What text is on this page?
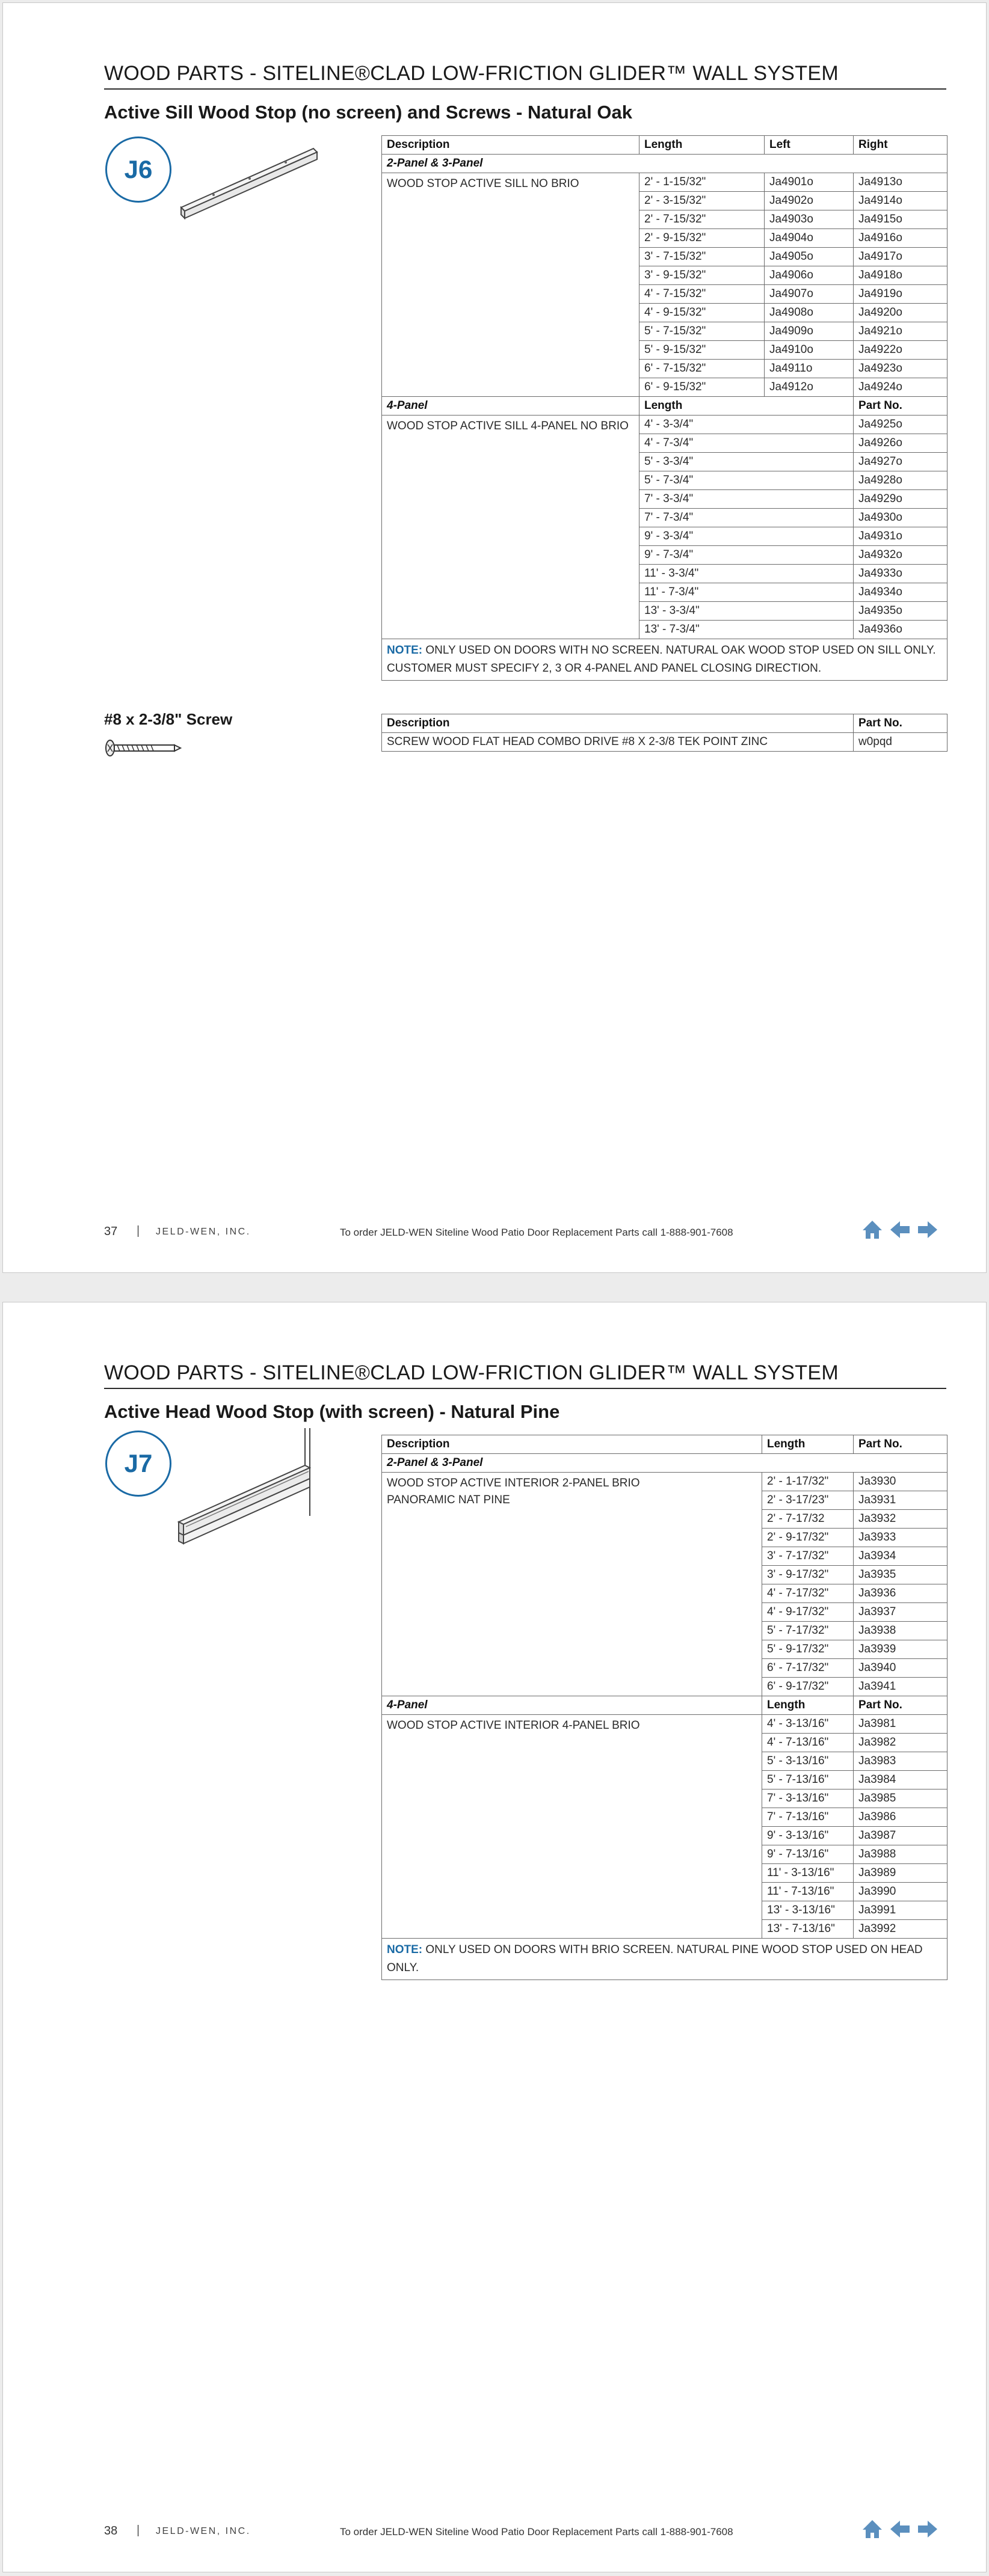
WOOD PARTS - SITELINE®CLAD LOW-FRICTION GLIDER™ WALL SYSTEM
Active Sill Wood Stop (no screen) and Screws - Natural Oak
J6
Description	Length	Left	Right
2-Panel & 3-Panel			
WOOD STOP ACTIVE SILL NO BRIO	2' - 1-15/32"	Ja4901o	Ja4913o
	2' - 3-15/32"	Ja4902o	Ja4914o
	2' - 7-15/32"	Ja4903o	Ja4915o
	2' - 9-15/32"	Ja4904o	Ja4916o
	3' - 7-15/32"	Ja4905o	Ja4917o
	3' - 9-15/32"	Ja4906o	Ja4918o
	4' - 7-15/32"	Ja4907o	Ja4919o
	4' - 9-15/32"	Ja4908o	Ja4920o
	5' - 7-15/32"	Ja4909o	Ja4921o
	5' - 9-15/32"	Ja4910o	Ja4922o
	6' - 7-15/32"	Ja4911o	Ja4923o
	6' - 9-15/32"	Ja4912o	Ja4924o
4-Panel	Length		Part No.
WOOD STOP ACTIVE SILL 4-PANEL NO BRIO	4' - 3-3/4"		Ja4925o
	4' - 7-3/4"		Ja4926o
	5' - 3-3/4"		Ja4927o
	5' - 7-3/4"		Ja4928o
	7' - 3-3/4"		Ja4929o
	7' - 7-3/4"		Ja4930o
	9' - 3-3/4"		Ja4931o
	9' - 7-3/4"		Ja4932o
	11' - 3-3/4"		Ja4933o
	11' - 7-3/4"		Ja4934o
	13' - 3-3/4"		Ja4935o
	13' - 7-3/4"		Ja4936o
NOTE: ONLY USED ON DOORS WITH NO SCREEN. NATURAL OAK WOOD STOP USED ON SILL ONLY. CUSTOMER MUST SPECIFY 2, 3 OR 4-PANEL AND PANEL CLOSING DIRECTION.			
#8 x 2-3/8" Screw	Description	Part No.
SCREW WOOD FLAT HEAD COMBO DRIVE #8 X 2-3/8 TEK POINT ZINC	w0pqd
37 | JELD-WEN, INC.	To order JELD-WEN Siteline Wood Patio Door Replacement Parts call 1-888-901-7608
WOOD PARTS - SITELINE®CLAD LOW-FRICTION GLIDER™ WALL SYSTEM
Active Head Wood Stop (with screen) - Natural Pine
J7
Description	Length	Part No.
2-Panel & 3-Panel		
WOOD STOP ACTIVE INTERIOR 2-PANEL BRIO PANORAMIC NAT PINE	2' - 1-17/32"	Ja3930
	2' - 3-17/23"	Ja3931
	2' - 7-17/32	Ja3932
	2' - 9-17/32"	Ja3933
	3' - 7-17/32"	Ja3934
	3' - 9-17/32"	Ja3935
	4' - 7-17/32"	Ja3936
	4' - 9-17/32"	Ja3937
	5' - 7-17/32"	Ja3938
	5' - 9-17/32"	Ja3939
	6' - 7-17/32"	Ja3940
	6' - 9-17/32"	Ja3941
4-Panel	Length	Part No.
WOOD STOP ACTIVE INTERIOR 4-PANEL BRIO	4' - 3-13/16"	Ja3981
	4' - 7-13/16"	Ja3982
	5' - 3-13/16"	Ja3983
	5' - 7-13/16"	Ja3984
	7' - 3-13/16"	Ja3985
	7' - 7-13/16"	Ja3986
	9' - 3-13/16"	Ja3987
	9' - 7-13/16"	Ja3988
	11' - 3-13/16"	Ja3989
	11' - 7-13/16"	Ja3990
	13' - 3-13/16"	Ja3991
	13' - 7-13/16"	Ja3992
NOTE: ONLY USED ON DOORS WITH BRIO SCREEN. NATURAL PINE WOOD STOP USED ON HEAD ONLY.		
38 | JELD-WEN, INC.	To order JELD-WEN Siteline Wood Patio Door Replacement Parts call 1-888-901-7608
